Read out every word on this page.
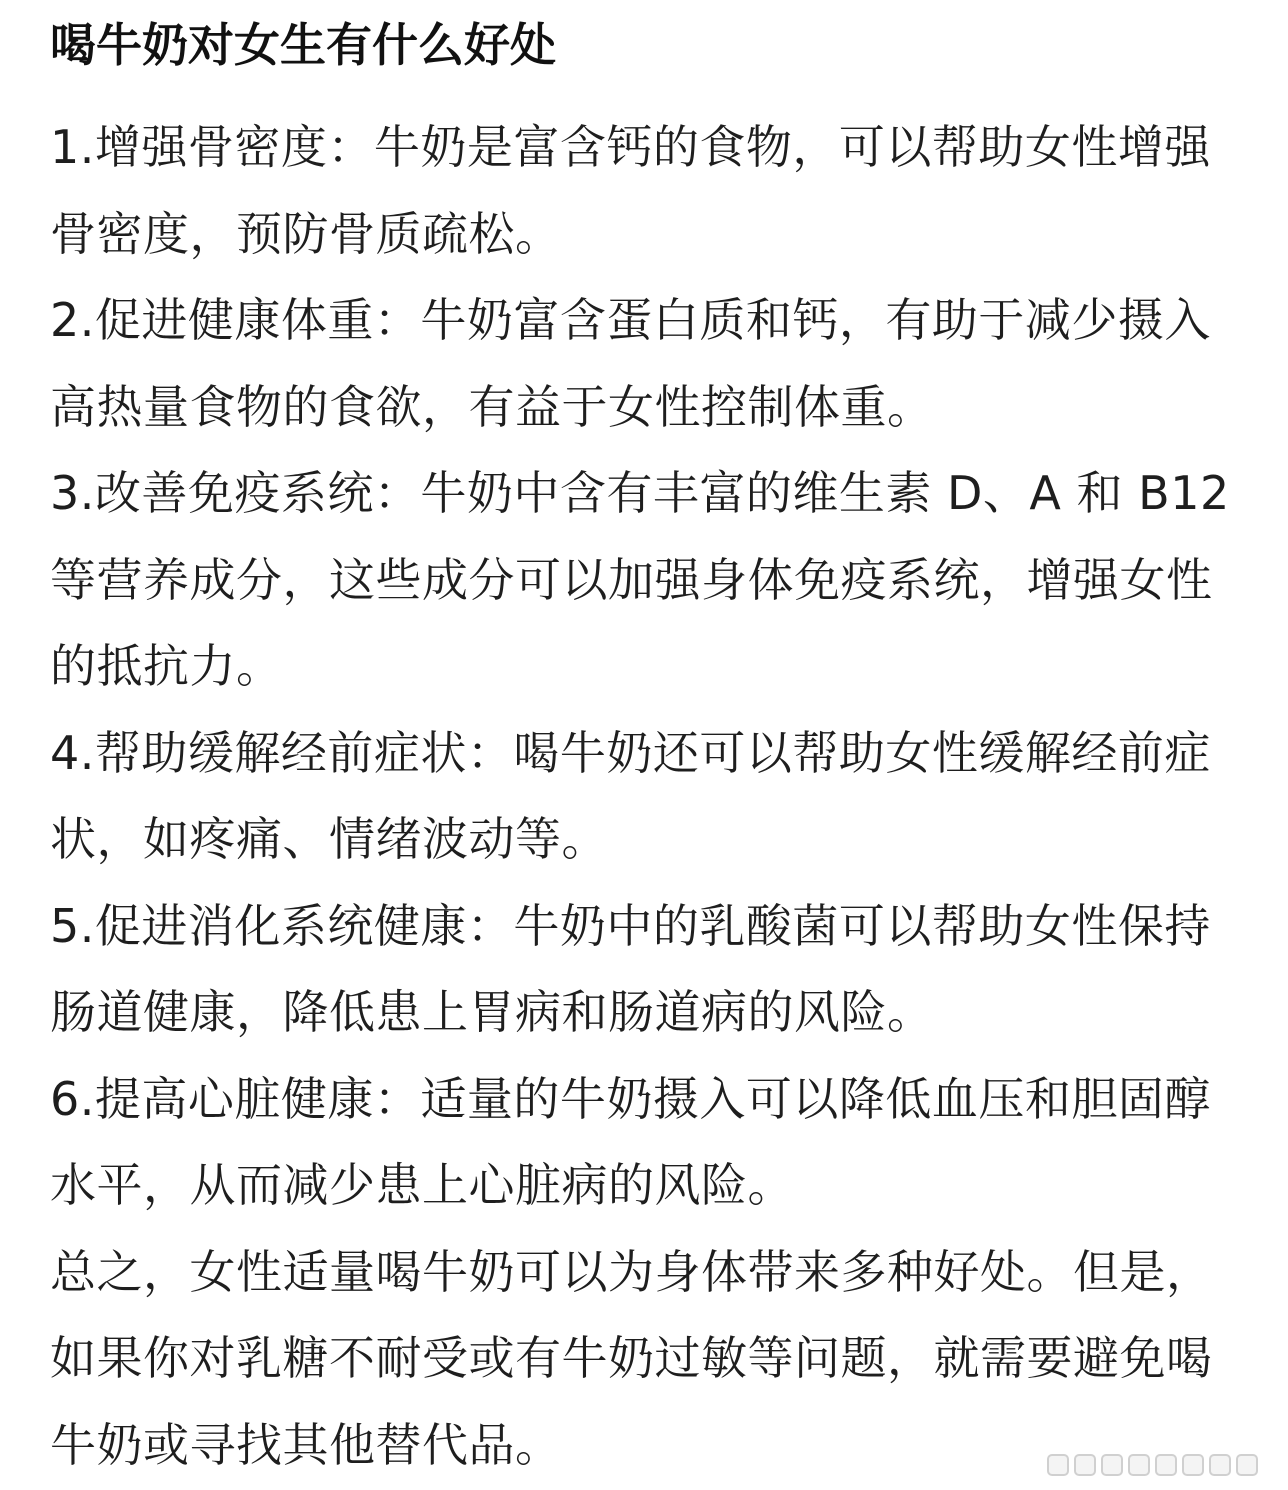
喝牛奶对女生有什么好处

1.增强骨密度：牛奶是富含钙的食物，可以帮助女性增强骨密度，预防骨质疏松。

2.促进健康体重：牛奶富含蛋白质和钙，有助于减少摄入高热量食物的食欲，有益于女性控制体重。

3.改善免疫系统：牛奶中含有丰富的维生素 D、A 和 B12 等营养成分，这些成分可以加强身体免疫系统，增强女性的抵抗力。

4.帮助缓解经前症状：喝牛奶还可以帮助女性缓解经前症状，如疼痛、情绪波动等。

5.促进消化系统健康：牛奶中的乳酸菌可以帮助女性保持肠道健康，降低患上胃病和肠道病的风险。

6.提高心脏健康：适量的牛奶摄入可以降低血压和胆固醇水平，从而减少患上心脏病的风险。

总之，女性适量喝牛奶可以为身体带来多种好处。但是，如果你对乳糖不耐受或有牛奶过敏等问题，就需要避免喝牛奶或寻找其他替代品。
